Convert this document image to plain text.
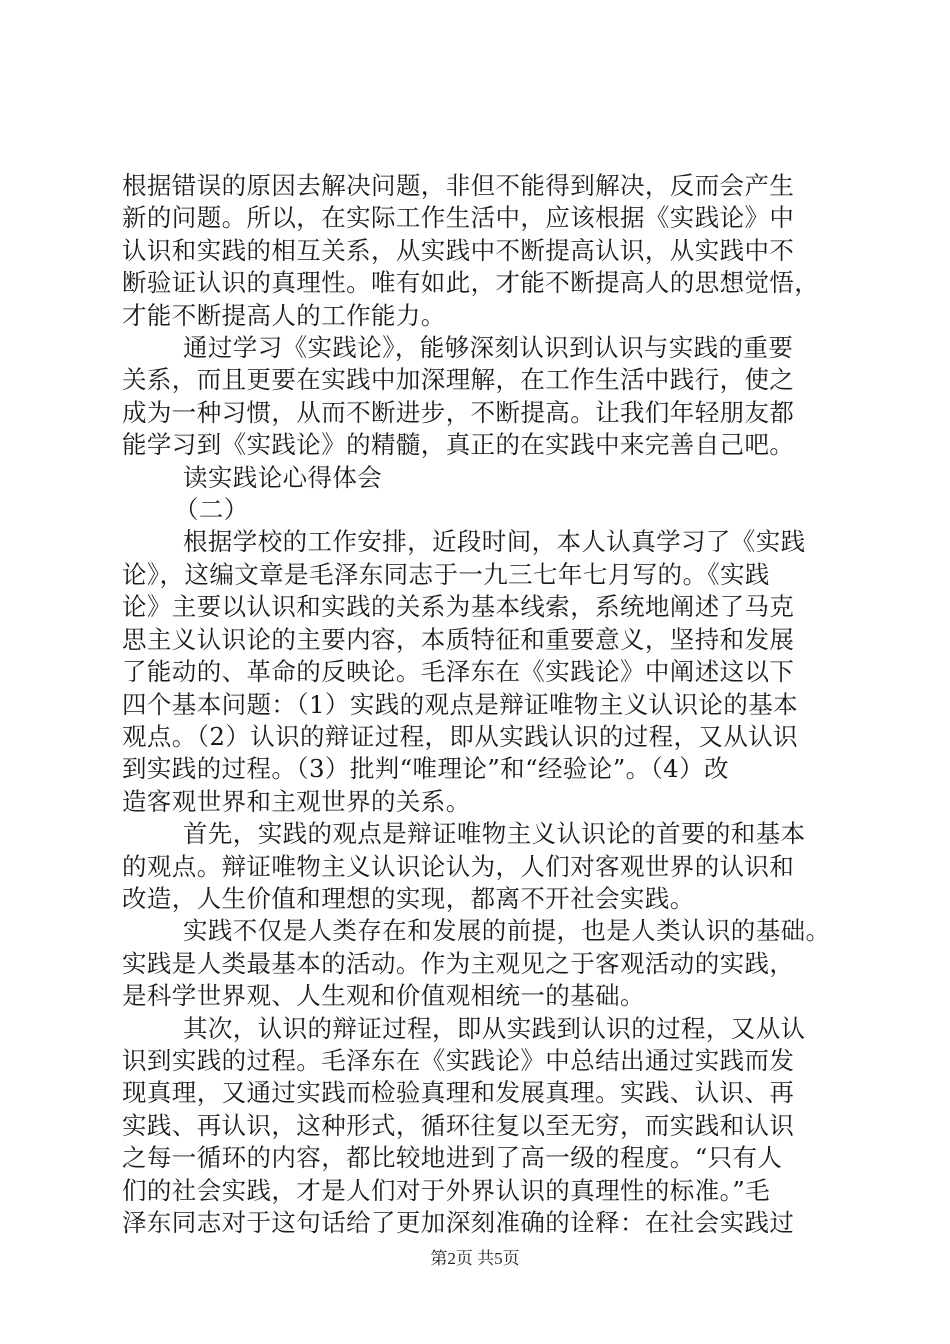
根据错误的原因去解决问题，非但不能得到解决，反而会产生
新的问题。所以，在实际工作生活中，应该根据《实践论》中
认识和实践的相互关系，从实践中不断提高认识，从实践中不
断验证认识的真理性。唯有如此，才能不断提高人的思想觉悟，
才能不断提高人的工作能力。
通过学习《实践论》，能够深刻认识到认识与实践的重要
关系，而且更要在实践中加深理解，在工作生活中践行，使之
成为一种习惯，从而不断进步，不断提高。让我们年轻朋友都
能学习到《实践论》的精髓，真正的在实践中来完善自己吧。
读实践论心得体会
（二）
根据学校的工作安排，近段时间，本人认真学习了《实践
论》，这编文章是毛泽东同志于一九三七年七月写的。《实践
论》主要以认识和实践的关系为基本线索，系统地阐述了马克
思主义认识论的主要内容，本质特征和重要意义，坚持和发展
了能动的、革命的反映论。毛泽东在《实践论》中阐述这以下
四个基本问题：（1）实践的观点是辩证唯物主义认识论的基本
观点。（2）认识的辩证过程，即从实践认识的过程，又从认识
到实践的过程。（3）批判“唯理论”和“经验论”。（4）改
造客观世界和主观世界的关系。
首先，实践的观点是辩证唯物主义认识论的首要的和基本
的观点。辩证唯物主义认识论认为，人们对客观世界的认识和
改造，人生价值和理想的实现，都离不开社会实践。
实践不仅是人类存在和发展的前提，也是人类认识的基础。
实践是人类最基本的活动。作为主观见之于客观活动的实践，
是科学世界观、人生观和价值观相统一的基础。
其次，认识的辩证过程，即从实践到认识的过程，又从认
识到实践的过程。毛泽东在《实践论》中总结出通过实践而发
现真理，又通过实践而检验真理和发展真理。实践、认识、再
实践、再认识，这种形式，循环往复以至无穷，而实践和认识
之每一循环的内容，都比较地进到了高一级的程度。“只有人
们的社会实践，才是人们对于外界认识的真理性的标准。”毛
泽东同志对于这句话给了更加深刻准确的诠释：在社会实践过
第2页 共5页
